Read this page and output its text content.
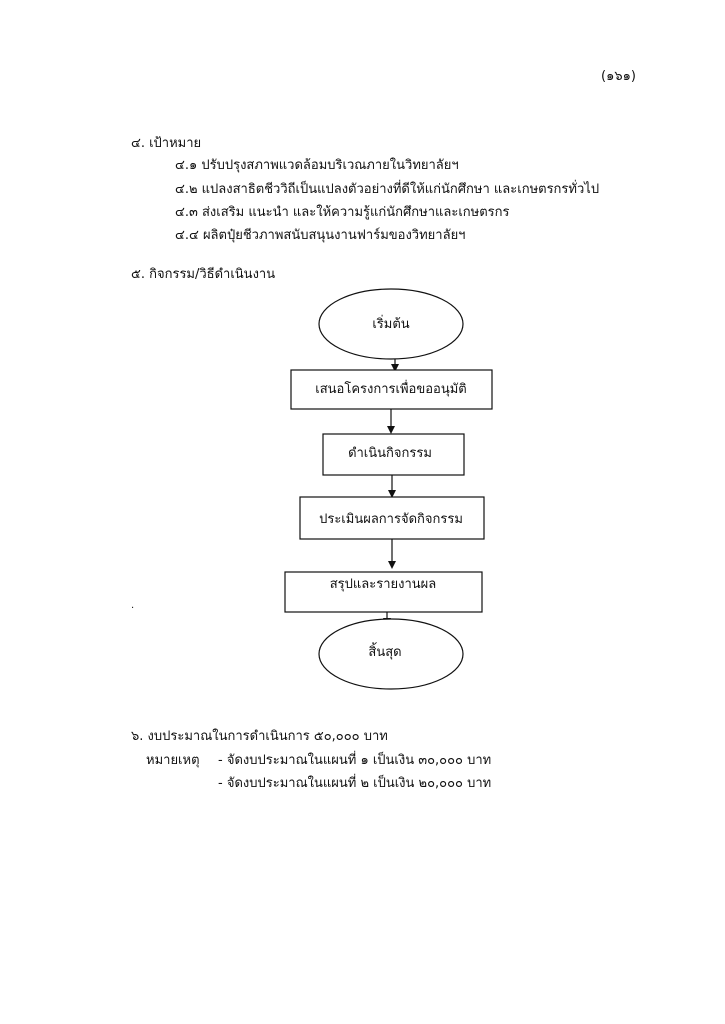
(๑๖๑)
๔. เป้าหมาย
๔.๑ ปรับปรุงสภาพแวดล้อมบริเวณภายในวิทยาลัยฯ
๔.๒ แปลงสาธิตชีววิถีเป็นแปลงตัวอย่างที่ดีให้แก่นักศึกษา และเกษตรกรทั่วไป
๔.๓ ส่งเสริม แนะนำ และให้ความรู้แก่นักศึกษาและเกษตรกร
๔.๔ ผลิตปุ๋ยชีวภาพสนับสนุนงานฟาร์มของวิทยาลัยฯ
๕. กิจกรรม/วิธีดำเนินงาน
เริ่มต้น
เสนอโครงการเพื่อขออนุมัติ
ดำเนินกิจกรรม
ประเมินผลการจัดกิจกรรม
สรุปและรายงานผล
สิ้นสุด
.
๖. งบประมาณในการดำเนินการ ๕๐,๐๐๐ บาท
หมายเหตุ - จัดงบประมาณในแผนที่ ๑ เป็นเงิน ๓๐,๐๐๐ บาท
- จัดงบประมาณในแผนที่ ๒ เป็นเงิน ๒๐,๐๐๐ บาท
